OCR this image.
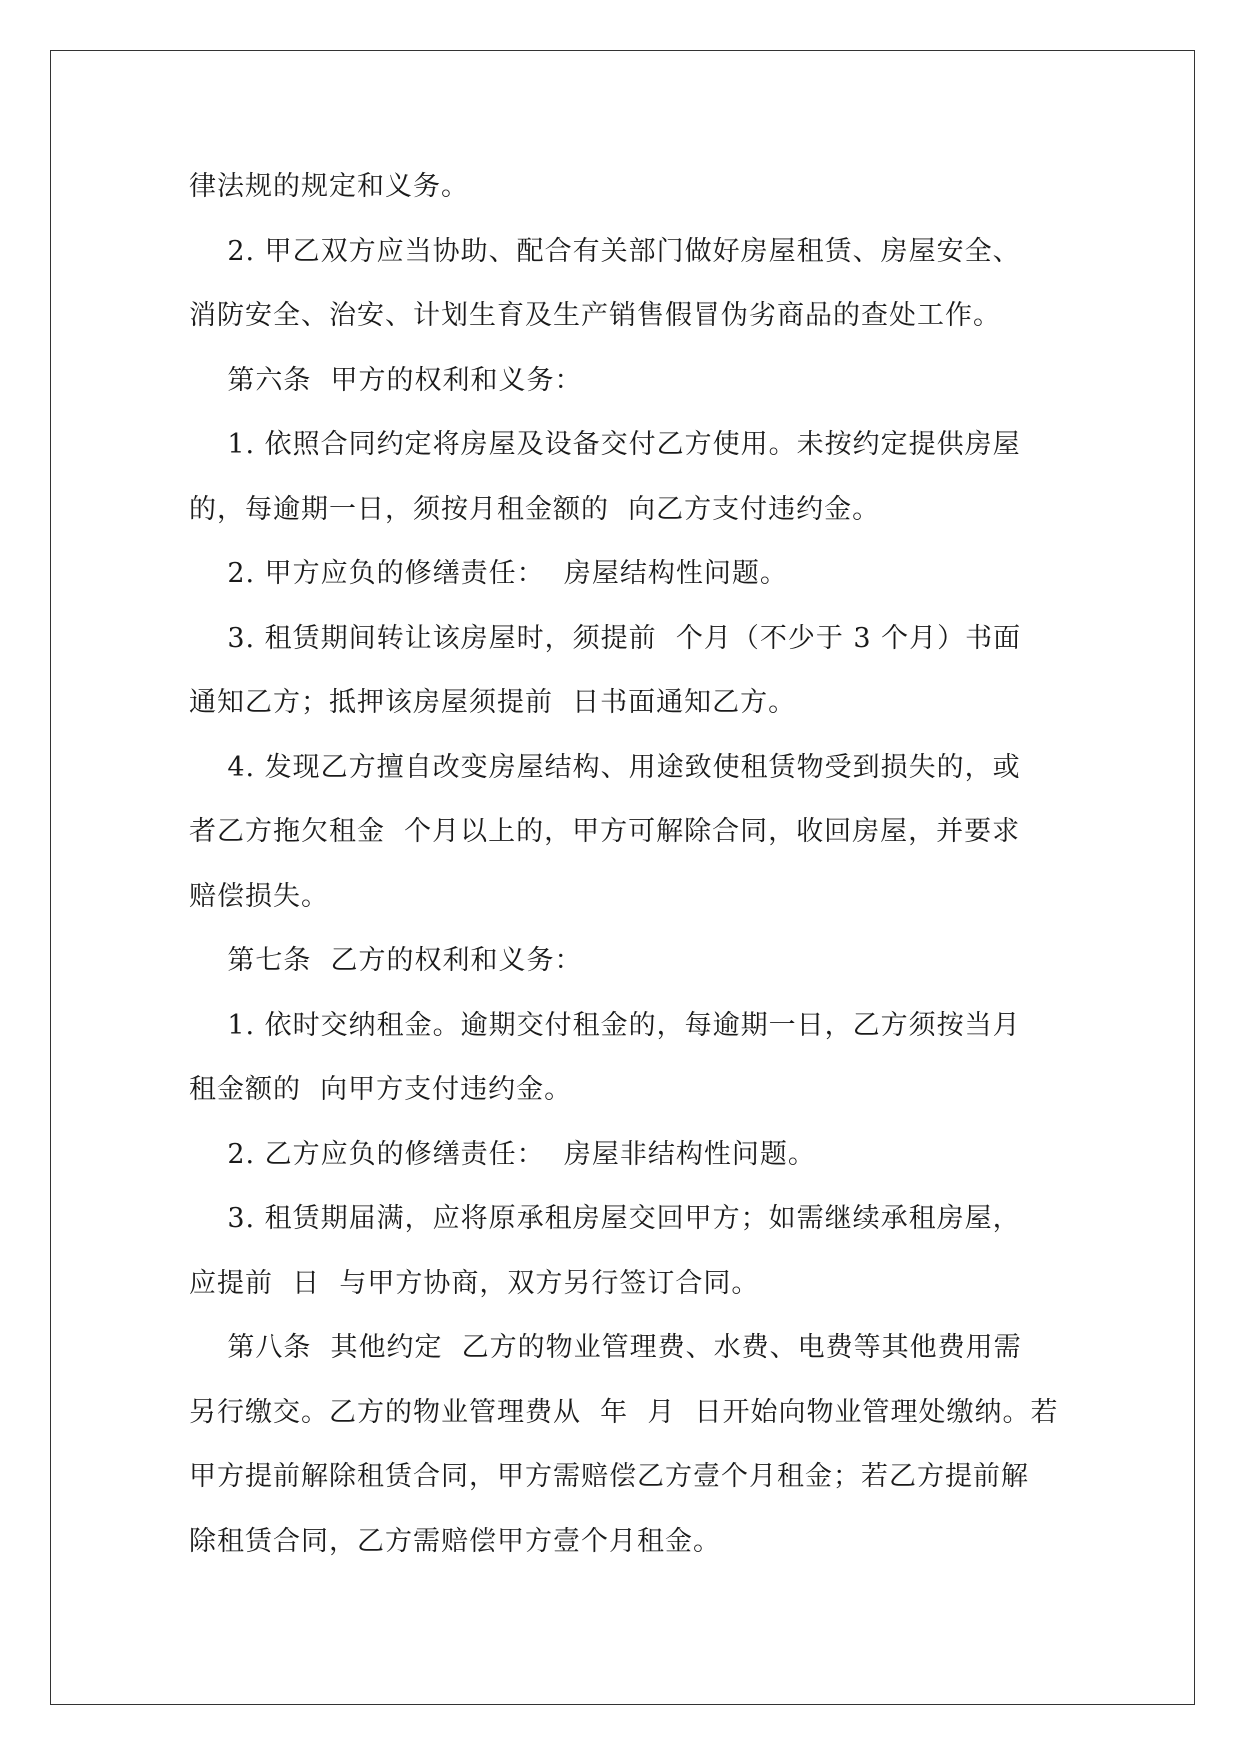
律法规的规定和义务。
2. 甲乙双方应当协助、配合有关部门做好房屋租赁、房屋安全、
消防安全、治安、计划生育及生产销售假冒伪劣商品的查处工作。
第六条  甲方的权利和义务：
1. 依照合同约定将房屋及设备交付乙方使用。未按约定提供房屋
的，每逾期一日，须按月租金额的  向乙方支付违约金。
2. 甲方应负的修缮责任：  房屋结构性问题。
3. 租赁期间转让该房屋时，须提前  个月（不少于 3 个月）书面
通知乙方；抵押该房屋须提前  日书面通知乙方。
4. 发现乙方擅自改变房屋结构、用途致使租赁物受到损失的，或
者乙方拖欠租金  个月以上的，甲方可解除合同，收回房屋，并要求
赔偿损失。
第七条  乙方的权利和义务：
1. 依时交纳租金。逾期交付租金的，每逾期一日，乙方须按当月
租金额的  向甲方支付违约金。
2. 乙方应负的修缮责任：  房屋非结构性问题。
3. 租赁期届满，应将原承租房屋交回甲方；如需继续承租房屋，
应提前  日  与甲方协商，双方另行签订合同。
第八条  其他约定  乙方的物业管理费、水费、电费等其他费用需
另行缴交。乙方的物业管理费从  年  月  日开始向物业管理处缴纳。若
甲方提前解除租赁合同，甲方需赔偿乙方壹个月租金；若乙方提前解
除租赁合同，乙方需赔偿甲方壹个月租金。
